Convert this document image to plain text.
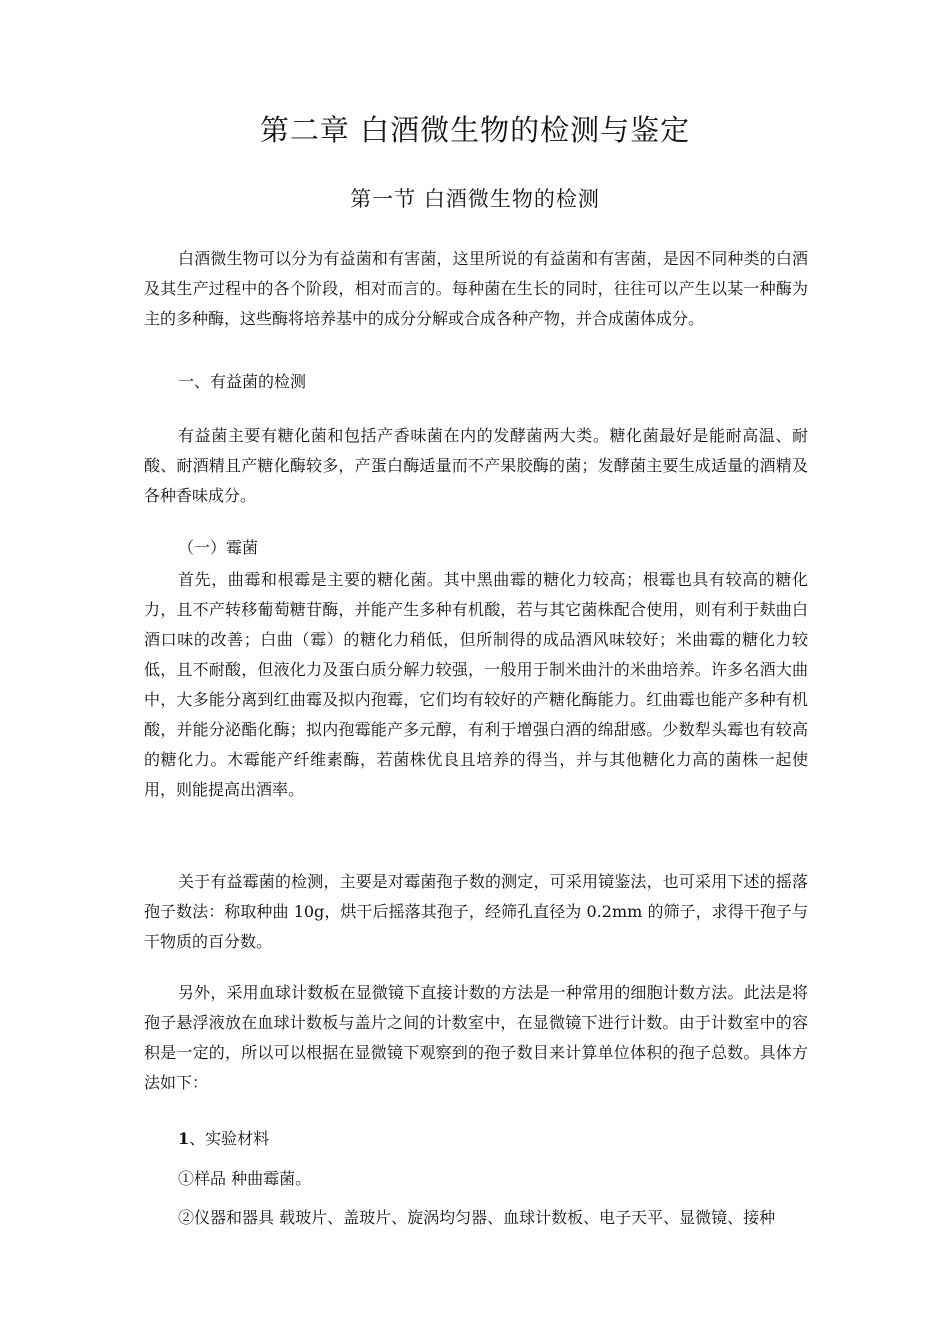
第二章 白酒微生物的检测与鉴定
第一节 白酒微生物的检测

白酒微生物可以分为有益菌和有害菌，这里所说的有益菌和有害菌，是因不同种类的白酒及其生产过程中的各个阶段，相对而言的。每种菌在生长的同时，往往可以产生以某一种酶为主的多种酶，这些酶将培养基中的成分分解或合成各种产物，并合成菌体成分。

一、有益菌的检测

有益菌主要有糖化菌和包括产香味菌在内的发酵菌两大类。糖化菌最好是能耐高温、耐酸、耐酒精且产糖化酶较多，产蛋白酶适量而不产果胶酶的菌；发酵菌主要生成适量的酒精及各种香味成分。

（一）霉菌

首先，曲霉和根霉是主要的糖化菌。其中黑曲霉的糖化力较高；根霉也具有较高的糖化力，且不产转移葡萄糖苷酶，并能产生多种有机酸，若与其它菌株配合使用，则有利于麸曲白酒口味的改善；白曲（霉）的糖化力稍低，但所制得的成品酒风味较好；米曲霉的糖化力较低，且不耐酸，但液化力及蛋白质分解力较强，一般用于制米曲汁的米曲培养。许多名酒大曲中，大多能分离到红曲霉及拟内孢霉，它们均有较好的产糖化酶能力。红曲霉也能产多种有机酸，并能分泌酯化酶；拟内孢霉能产多元醇，有利于增强白酒的绵甜感。少数犁头霉也有较高的糖化力。木霉能产纤维素酶，若菌株优良且培养的得当，并与其他糖化力高的菌株一起使用，则能提高出酒率。

关于有益霉菌的检测，主要是对霉菌孢子数的测定，可采用镜鉴法，也可采用下述的摇落孢子数法：称取种曲 10g，烘干后摇落其孢子，经筛孔直径为 0.2mm 的筛子，求得干孢子与干物质的百分数。

另外，采用血球计数板在显微镜下直接计数的方法是一种常用的细胞计数方法。此法是将孢子悬浮液放在血球计数板与盖片之间的计数室中，在显微镜下进行计数。由于计数室中的容积是一定的，所以可以根据在显微镜下观察到的孢子数目来计算单位体积的孢子总数。具体方法如下：

1、实验材料
①样品 种曲霉菌。
②仪器和器具 载玻片、盖玻片、旋涡均匀器、血球计数板、电子天平、显微镜、接种
